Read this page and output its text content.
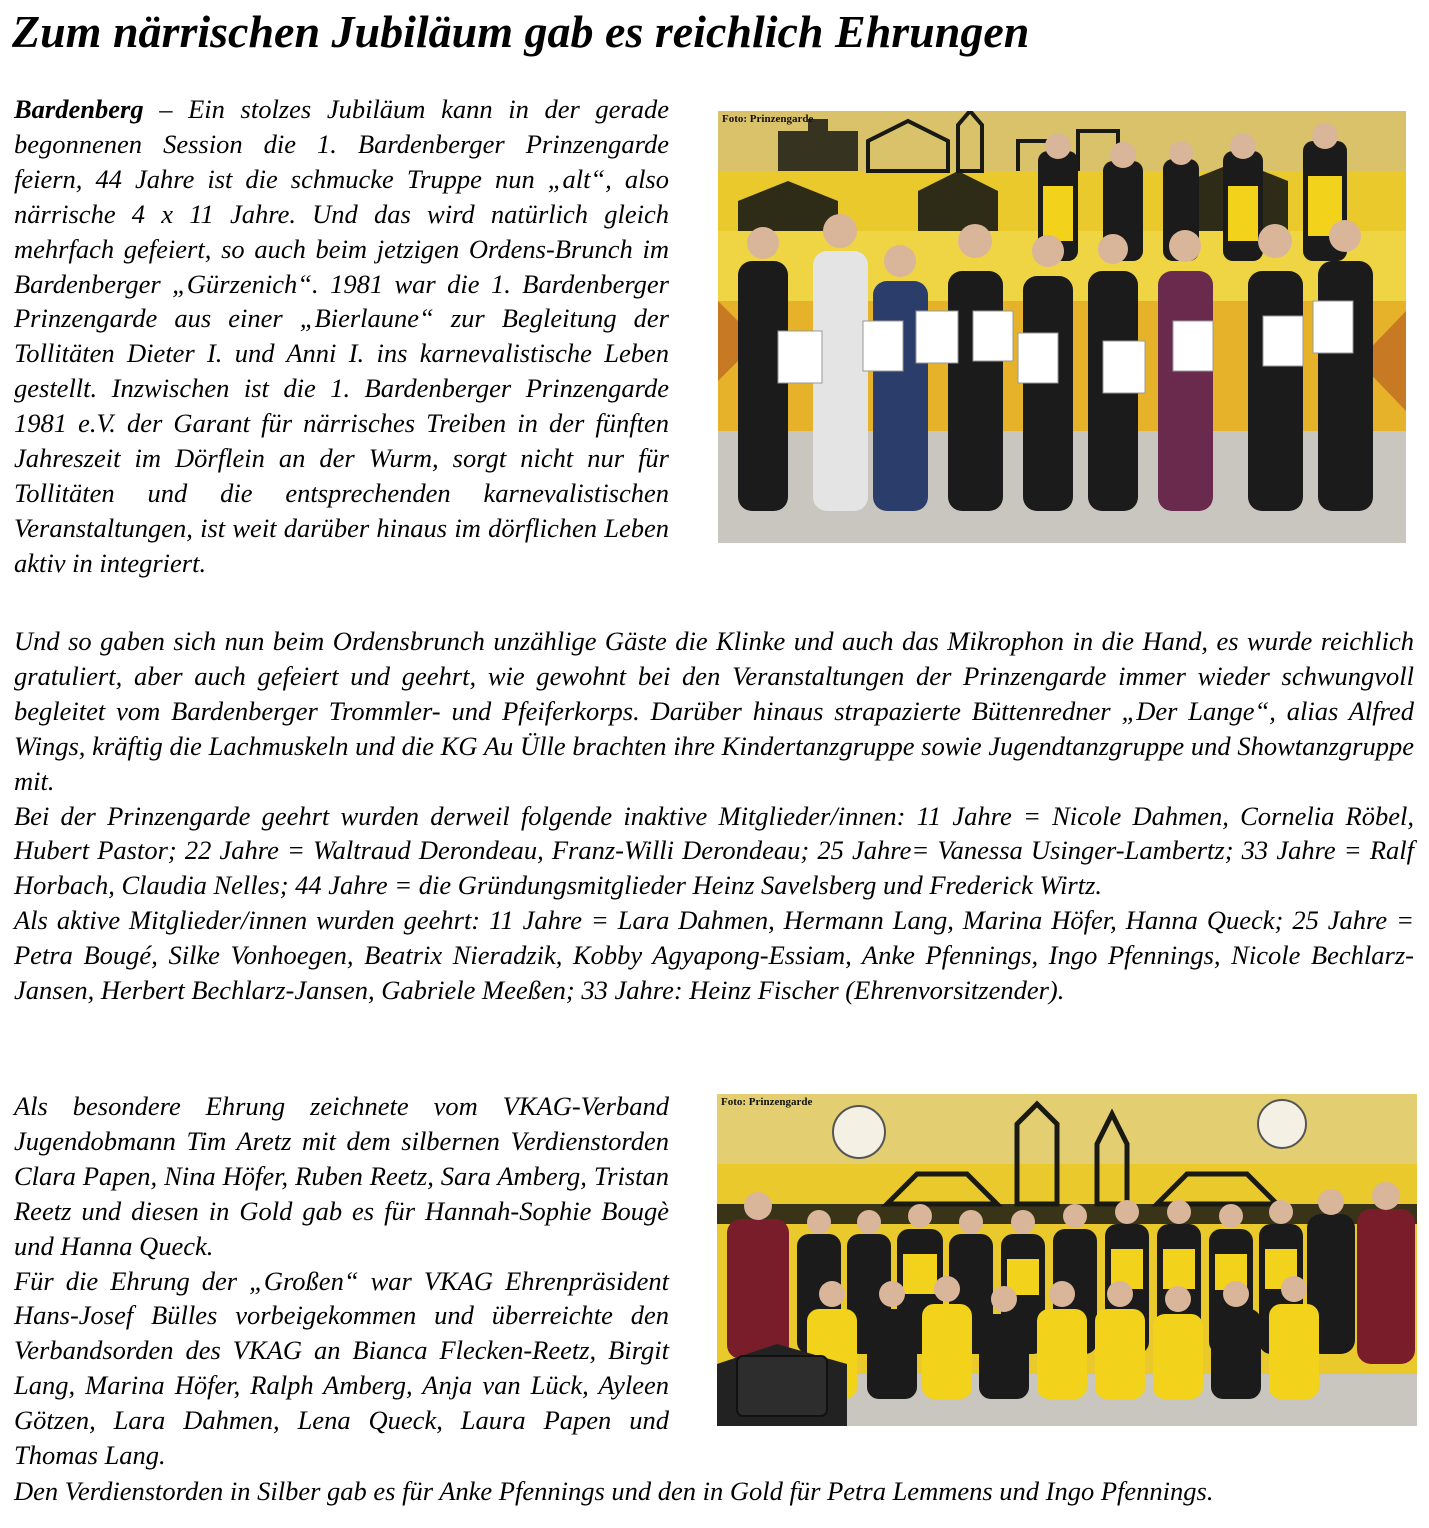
Zum närrischen Jubiläum gab es reichlich Ehrungen
Bardenberg – Ein stolzes Jubiläum kann in der gerade begonnenen Session die 1. Bardenberger Prinzengarde feiern, 44 Jahre ist die schmucke Truppe nun „alt“, also närrische 4 x 11 Jahre. Und das wird natürlich gleich mehrfach gefeiert, so auch beim jetzigen Ordens-Brunch im Bardenberger „Gürzenich“. 1981 war die 1. Bardenberger Prinzengarde aus einer „Bierlaune“ zur Begleitung der Tollitäten Dieter I. und Anni I. ins karnevalistische Leben gestellt. Inzwischen ist die 1. Bardenberger Prinzengarde 1981 e.V. der Garant für närrisches Treiben in der fünften Jahreszeit im Dörflein an der Wurm, sorgt nicht nur für Tollitäten und die entsprechenden karnevalistischen Veranstaltungen, ist weit darüber hinaus im dörflichen Leben aktiv in integriert.
Foto: Prinzengarde

Und so gaben sich nun beim Ordensbrunch unzählige Gäste die Klinke und auch das Mikrophon in die Hand, es wurde reichlich gratuliert, aber auch gefeiert und geehrt, wie gewohnt bei den Veranstaltungen der Prinzengarde immer wieder schwungvoll begleitet vom Bardenberger Trommler- und Pfeiferkorps. Darüber hinaus strapazierte Büttenredner „Der Lange“, alias Alfred Wings, kräftig die Lachmuskeln und die KG Au Ülle brachten ihre Kindertanzgruppe sowie Jugendtanzgruppe und Showtanzgruppe mit.

Bei der Prinzengarde geehrt wurden derweil folgende inaktive Mitglieder/innen: 11 Jahre = Nicole Dahmen, Cornelia Röbel, Hubert Pastor; 22 Jahre = Waltraud Derondeau, Franz-Willi Derondeau; 25 Jahre= Vanessa Usinger-Lambertz; 33 Jahre = Ralf Horbach, Claudia Nelles; 44 Jahre = die Gründungsmitglieder Heinz Savelsberg und Frederick Wirtz.

Als aktive Mitglieder/innen wurden geehrt: 11 Jahre = Lara Dahmen, Hermann Lang, Marina Höfer, Hanna Queck; 25 Jahre = Petra Bougé, Silke Vonhoegen, Beatrix Nieradzik, Kobby Agyapong-Essiam, Anke Pfennings, Ingo Pfennings, Nicole Bechlarz-Jansen, Herbert Bechlarz-Jansen, Gabriele Meeßen; 33 Jahre: Heinz Fischer (Ehrenvorsitzender).

Als besondere Ehrung zeichnete vom VKAG-Verband Jugendobmann Tim Aretz mit dem silbernen Verdienstorden Clara Papen, Nina Höfer, Ruben Reetz, Sara Amberg, Tristan Reetz und diesen in Gold gab es für Hannah-Sophie Bougè und Hanna Queck.

Für die Ehrung der „Großen“ war VKAG Ehrenpräsident Hans-Josef Bülles vorbeigekommen und überreichte den Verbandsorden des VKAG an Bianca Flecken-Reetz, Birgit Lang, Marina Höfer, Ralph Amberg, Anja van Lück, Ayleen Götzen, Lara Dahmen, Lena Queck, Laura Papen und Thomas Lang.

Foto: Prinzengarde

Den Verdienstorden in Silber gab es für Anke Pfennings und den in Gold für Petra Lemmens und Ingo Pfennings.
